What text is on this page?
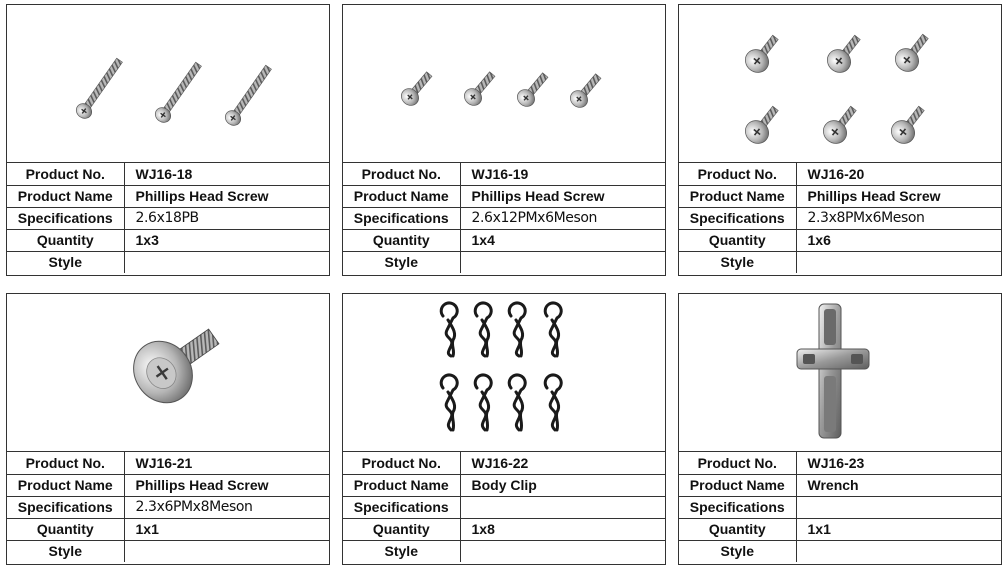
Product No.	WJ16-18
Product Name	Phillips Head Screw
Specifications	2.6x18PB
Quantity	1x3
Style	
Product No.	WJ16-19
Product Name	Phillips Head Screw
Specifications	2.6x12PMx6Meson
Quantity	1x4
Style	
Product No.	WJ16-20
Product Name	Phillips Head Screw
Specifications	2.3x8PMx6Meson
Quantity	1x6
Style	
Product No.	WJ16-21
Product Name	Phillips Head Screw
Specifications	2.3x6PMx8Meson
Quantity	1x1
Style	
Product No.	WJ16-22
Product Name	Body Clip
Specifications	
Quantity	1x8
Style	
Product No.	WJ16-23
Product Name	Wrench
Specifications	
Quantity	1x1
Style	
